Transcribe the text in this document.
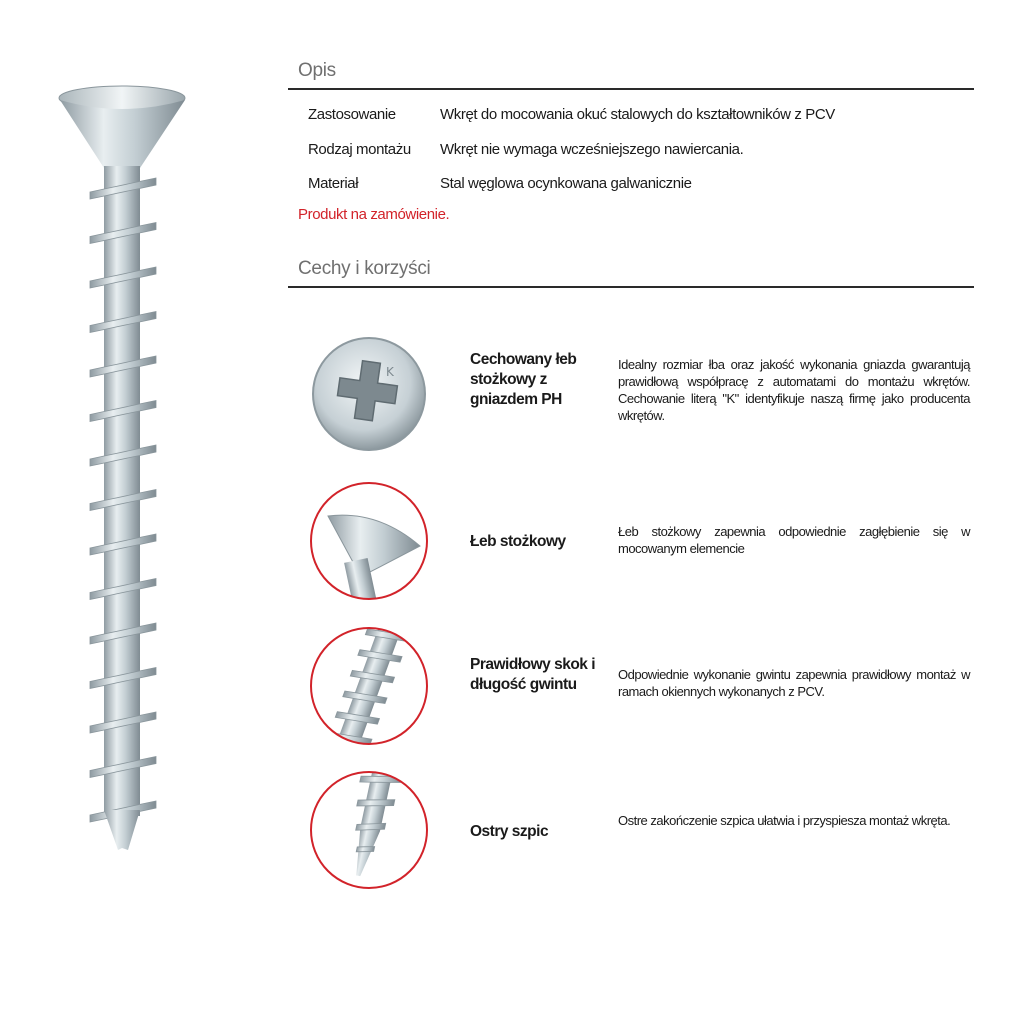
Opis
Zastosowanie	Wkręt do mocowania okuć stalowych do kształtowników z PCV
Rodzaj montażu Wkręt nie wymaga wcześniejszego nawiercania.
Materiał	Stal węglowa ocynkowana galwanicznie
Produkt na zamówienie.
Cechy i korzyści
K
Cechowany łeb stożkowy z gniazdem PH
Idealny rozmiar łba oraz jakość wykonania gniazda gwarantują prawidłową współpracę z automatami do montażu wkrętów. Cechowanie literą "K" identyfikuje naszą firmę jako producenta wkrętów.
Łeb stożkowy
Łeb stożkowy zapewnia odpowiednie zagłębienie się w mocowanym elemencie
Prawidłowy skok i długość gwintu
Odpowiednie wykonanie gwintu zapewnia prawidłowy montaż w ramach okiennych wykonanych z PCV.
Ostry szpic
Ostre zakończenie szpica ułatwia i przyspiesza montaż wkręta.
